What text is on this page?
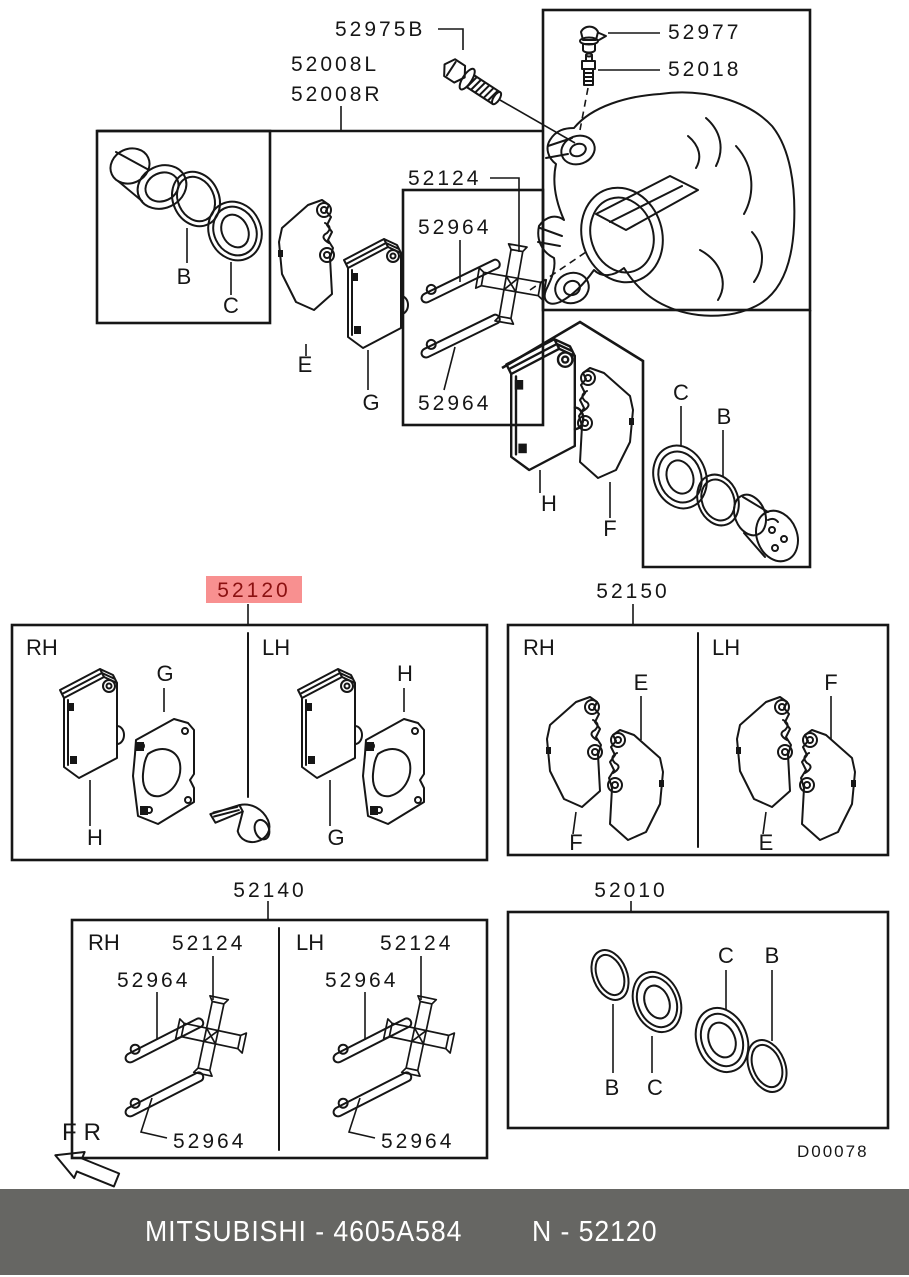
52975B
52008L
52008R
52977
52018
B
C
E
G
52124
52964
52964
H
F
C
B
52120	52150
RH	LH
H
G
G
H
RH	LH
E
F
F
E
52140	52010
RH 52124
52964
52964
LH	52124
52964
52964
B C
C B
FR
D00078
MITSUBISHI - 4605A584 N - 52120
